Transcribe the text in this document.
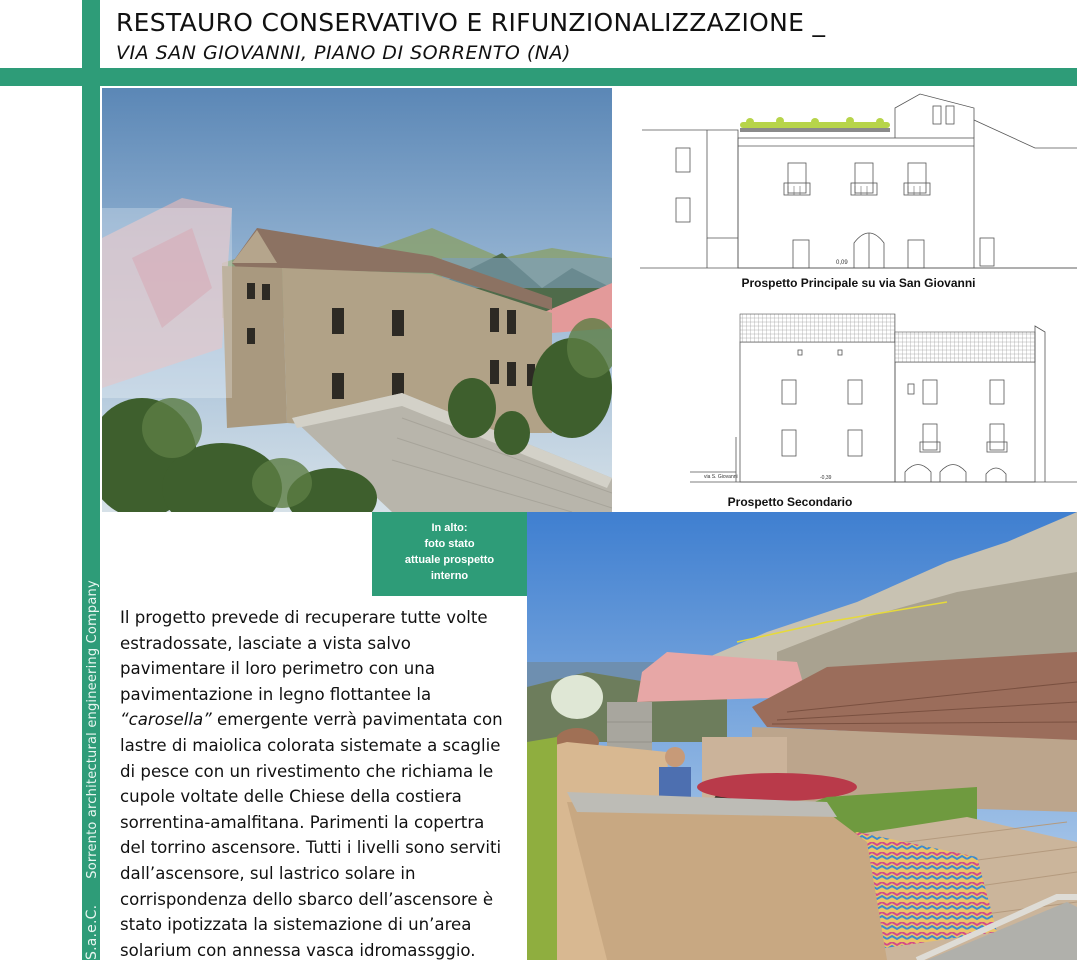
RESTAURO CONSERVATIVO E RIFUNZIONALIZZAZIONE _
VIA SAN GIOVANNI, PIANO DI SORRENTO (NA)
S.a.e.C.Sorrento architectural engineering Company
0,09
Prospetto Principale su via San Giovanni
via S. Giovanni	-0,39
Prospetto Secondario
In alto:
foto stato
attuale prospetto
interno
Il progetto prevede di recuperare tutte volte
estradossate, lasciate a vista salvo
pavimentare il loro perimetro con una
pavimentazione in legno flottantee la
“carosella” emergente verrà pavimentata con
lastre di maiolica colorata sistemate a scaglie
di pesce con un rivestimento che richiama le
cupole voltate delle Chiese della costiera
sorrentina-amalfitana. Parimenti la copertra
del torrino ascensore. Tutti i livelli sono serviti
dall’ascensore, sul lastrico solare in
corrispondenza dello sbarco dell’ascensore è
stato ipotizzata la sistemazione di un’area
solarium con annessa vasca idromassggio.
